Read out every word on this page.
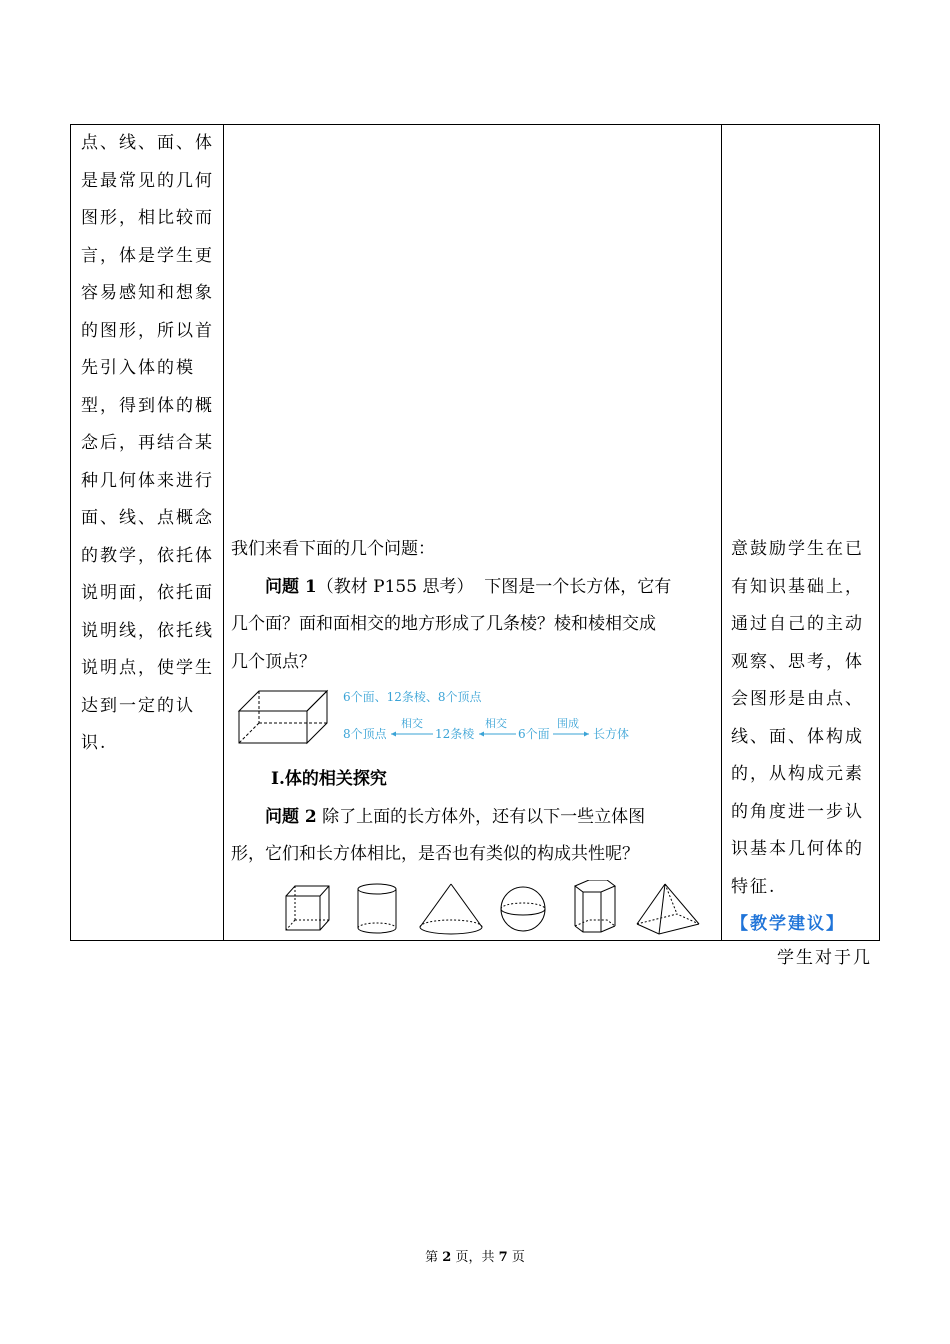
点、线、面、体
是最常见的几何
图形，相比较而
言，体是学生更
容易感知和想象
的图形，所以首
先引入体的模
型，得到体的概
念后，再结合某
种几何体来进行
面、线、点概念
的教学，依托体
说明面，依托面
说明线，依托线
说明点，使学生
达到一定的认
识.
我们来看下面的几个问题：
问题 1（教材 P155 思考） 下图是一个长方体，它有
几个面？面和面相交的地方形成了几条棱？棱和棱相交成
几个顶点？
6个面、12条棱、8个顶点
8个顶点
相交
12条棱
相交
6个面
围成
长方体
Ⅰ.体的相关探究
问题 2 除了上面的长方体外，还有以下一些立体图
形，它们和长方体相比，是否也有类似的构成共性呢？
意鼓励学生在已
有知识基础上，
通过自己的主动
观察、思考，体
会图形是由点、
线、面、体构成
的，从构成元素
的角度进一步认
识基本几何体的
特征.
【教学建议】
学生对于几
第 2 页，共 7 页
